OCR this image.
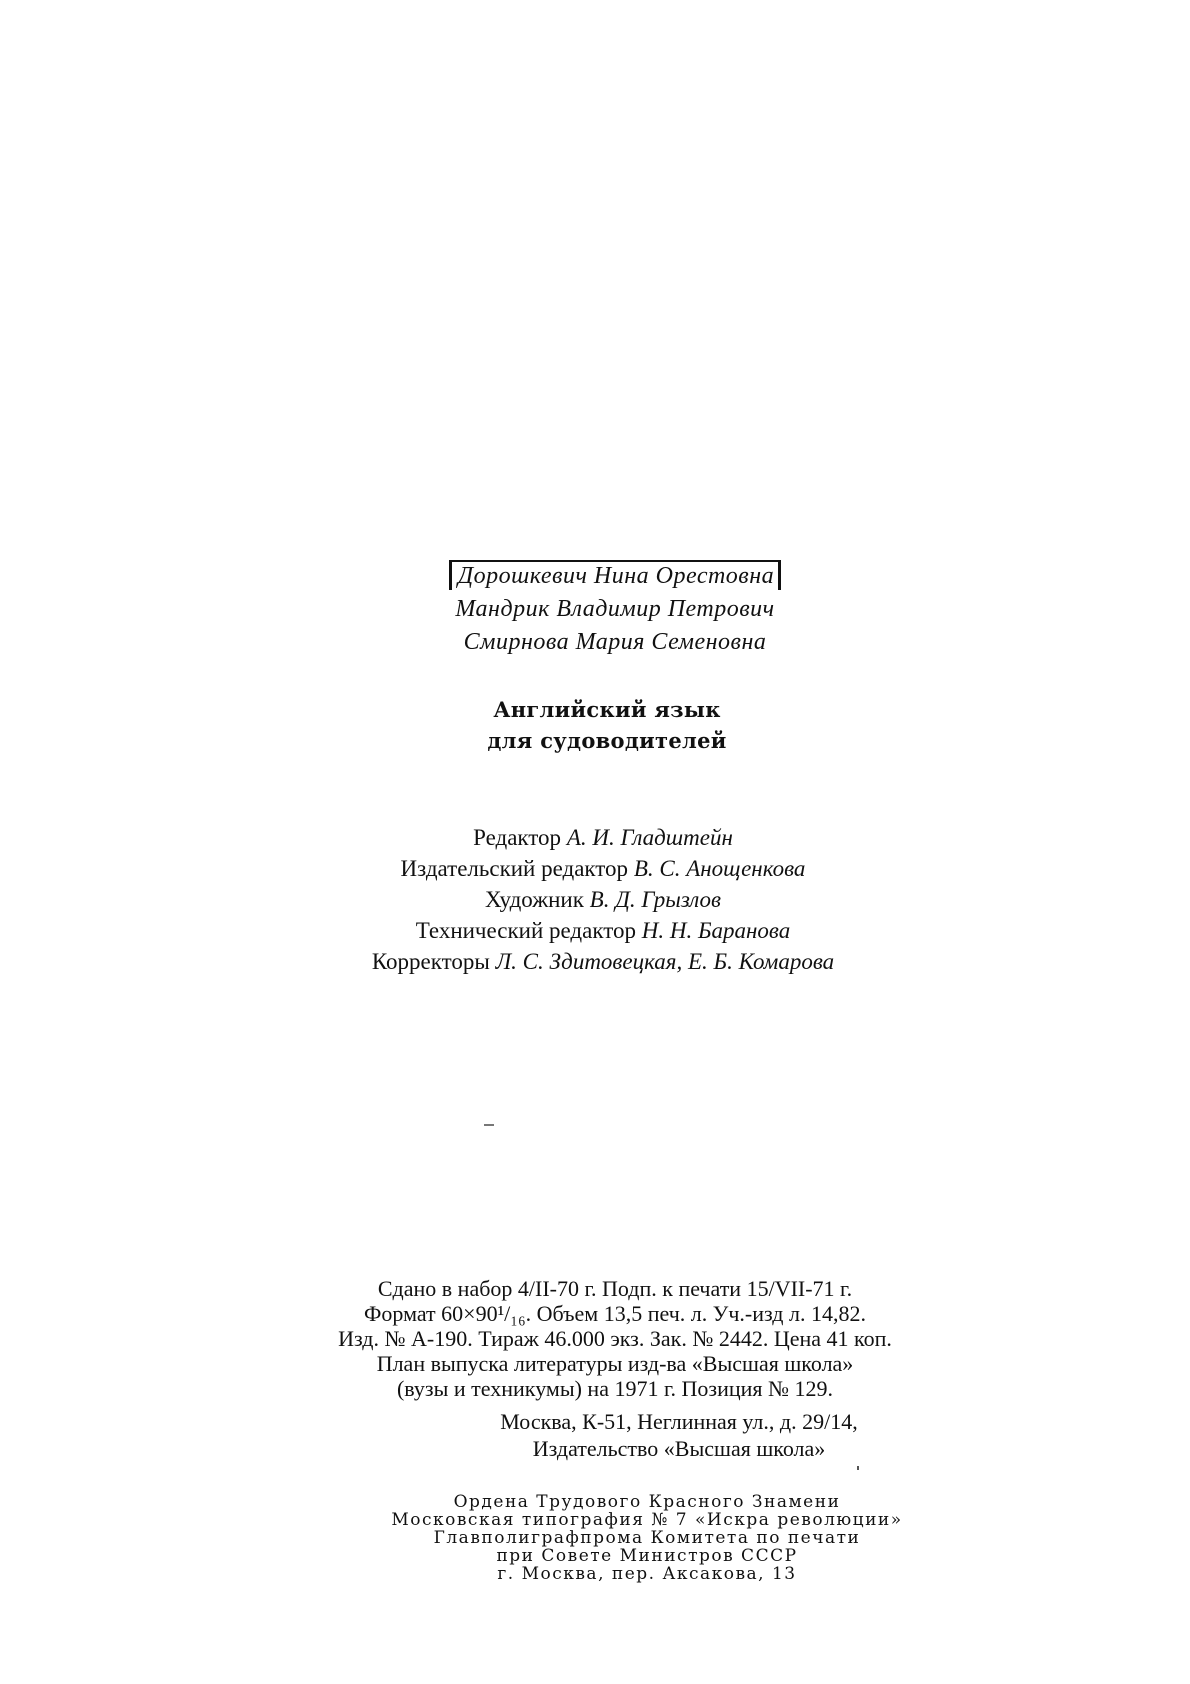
Дорошкевич Нина Орестовна
Мандрик Владимир Петрович
Смирнова Мария Семеновна
Английский язык
для судоводителей
Редактор А. И. Гладштейн
Издательский редактор В. С. Анощенкова
Художник В. Д. Грызлов
Технический редактор Н. Н. Баранова
Корректоры Л. С. Здитовецкая, Е. Б. Комарова
Сдано в набор 4/II-70 г. Подп. к печати 15/VII-71 г.
Формат 60×90¹/₁₆. Объем 13,5 печ. л. Уч.-изд л. 14,82.
Изд. № А-190. Тираж 46.000 экз. Зак. № 2442. Цена 41 коп.
План выпуска литературы изд-ва «Высшая школа»
(вузы и техникумы) на 1971 г. Позиция № 129.
Москва, К-51, Неглинная ул., д. 29/14,
Издательство «Высшая школа»
Ордена Трудового Красного Знамени
Московская типография № 7 «Искра революции»
Главполиграфпрома Комитета по печати
при Совете Министров СССР
г. Москва, пер. Аксакова, 13
